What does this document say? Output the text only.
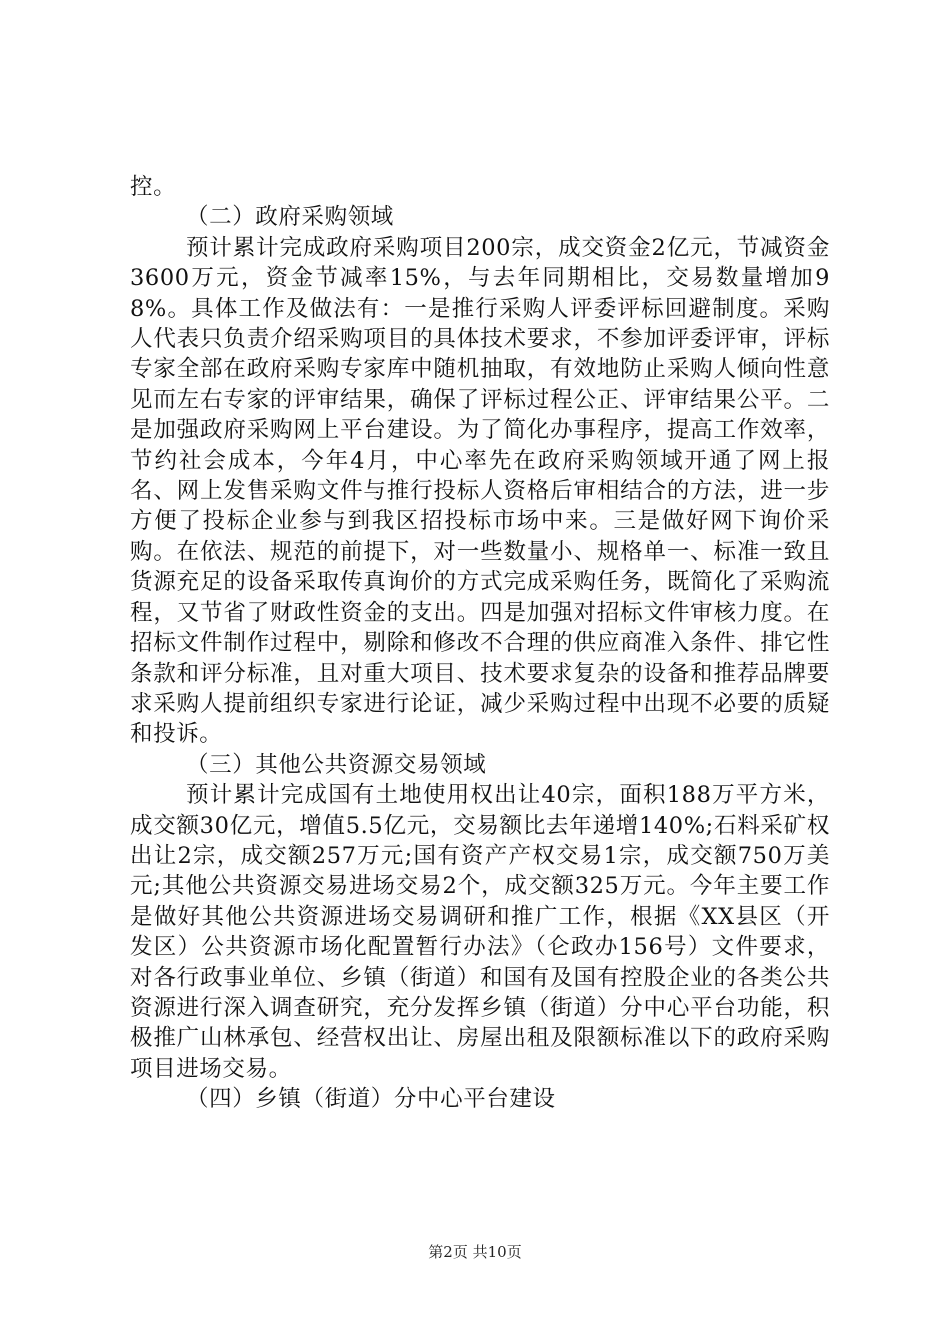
控。

（二）政府采购领域

预计累计完成政府采购项目200宗，成交资金2亿元，节减资金3600万元，资金节减率15%，与去年同期相比，交易数量增加98%。具体工作及做法有：一是推行采购人评委评标回避制度。采购人代表只负责介绍采购项目的具体技术要求，不参加评委评审，评标专家全部在政府采购专家库中随机抽取，有效地防止采购人倾向性意见而左右专家的评审结果，确保了评标过程公正、评审结果公平。二是加强政府采购网上平台建设。为了简化办事程序，提高工作效率，节约社会成本，今年4月，中心率先在政府采购领域开通了网上报名、网上发售采购文件与推行投标人资格后审相结合的方法，进一步方便了投标企业参与到我区招投标市场中来。三是做好网下询价采购。在依法、规范的前提下，对一些数量小、规格单一、标准一致且货源充足的设备采取传真询价的方式完成采购任务，既简化了采购流程，又节省了财政性资金的支出。四是加强对招标文件审核力度。在招标文件制作过程中，剔除和修改不合理的供应商准入条件、排它性条款和评分标准，且对重大项目、技术要求复杂的设备和推荐品牌要求采购人提前组织专家进行论证，减少采购过程中出现不必要的质疑和投诉。

（三）其他公共资源交易领域

预计累计完成国有土地使用权出让40宗，面积188万平方米，成交额30亿元，增值5.5亿元，交易额比去年递增140%;石料采矿权出让2宗，成交额257万元;国有资产产权交易1宗，成交额750万美元;其他公共资源交易进场交易2个，成交额325万元。今年主要工作是做好其他公共资源进场交易调研和推广工作，根据《XX县区（开发区）公共资源市场化配置暂行办法》（仑政办156号）文件要求，对各行政事业单位、乡镇（街道）和国有及国有控股企业的各类公共资源进行深入调查研究，充分发挥乡镇（街道）分中心平台功能，积极推广山林承包、经营权出让、房屋出租及限额标准以下的政府采购项目进场交易。

（四）乡镇（街道）分中心平台建设

第2页 共10页
